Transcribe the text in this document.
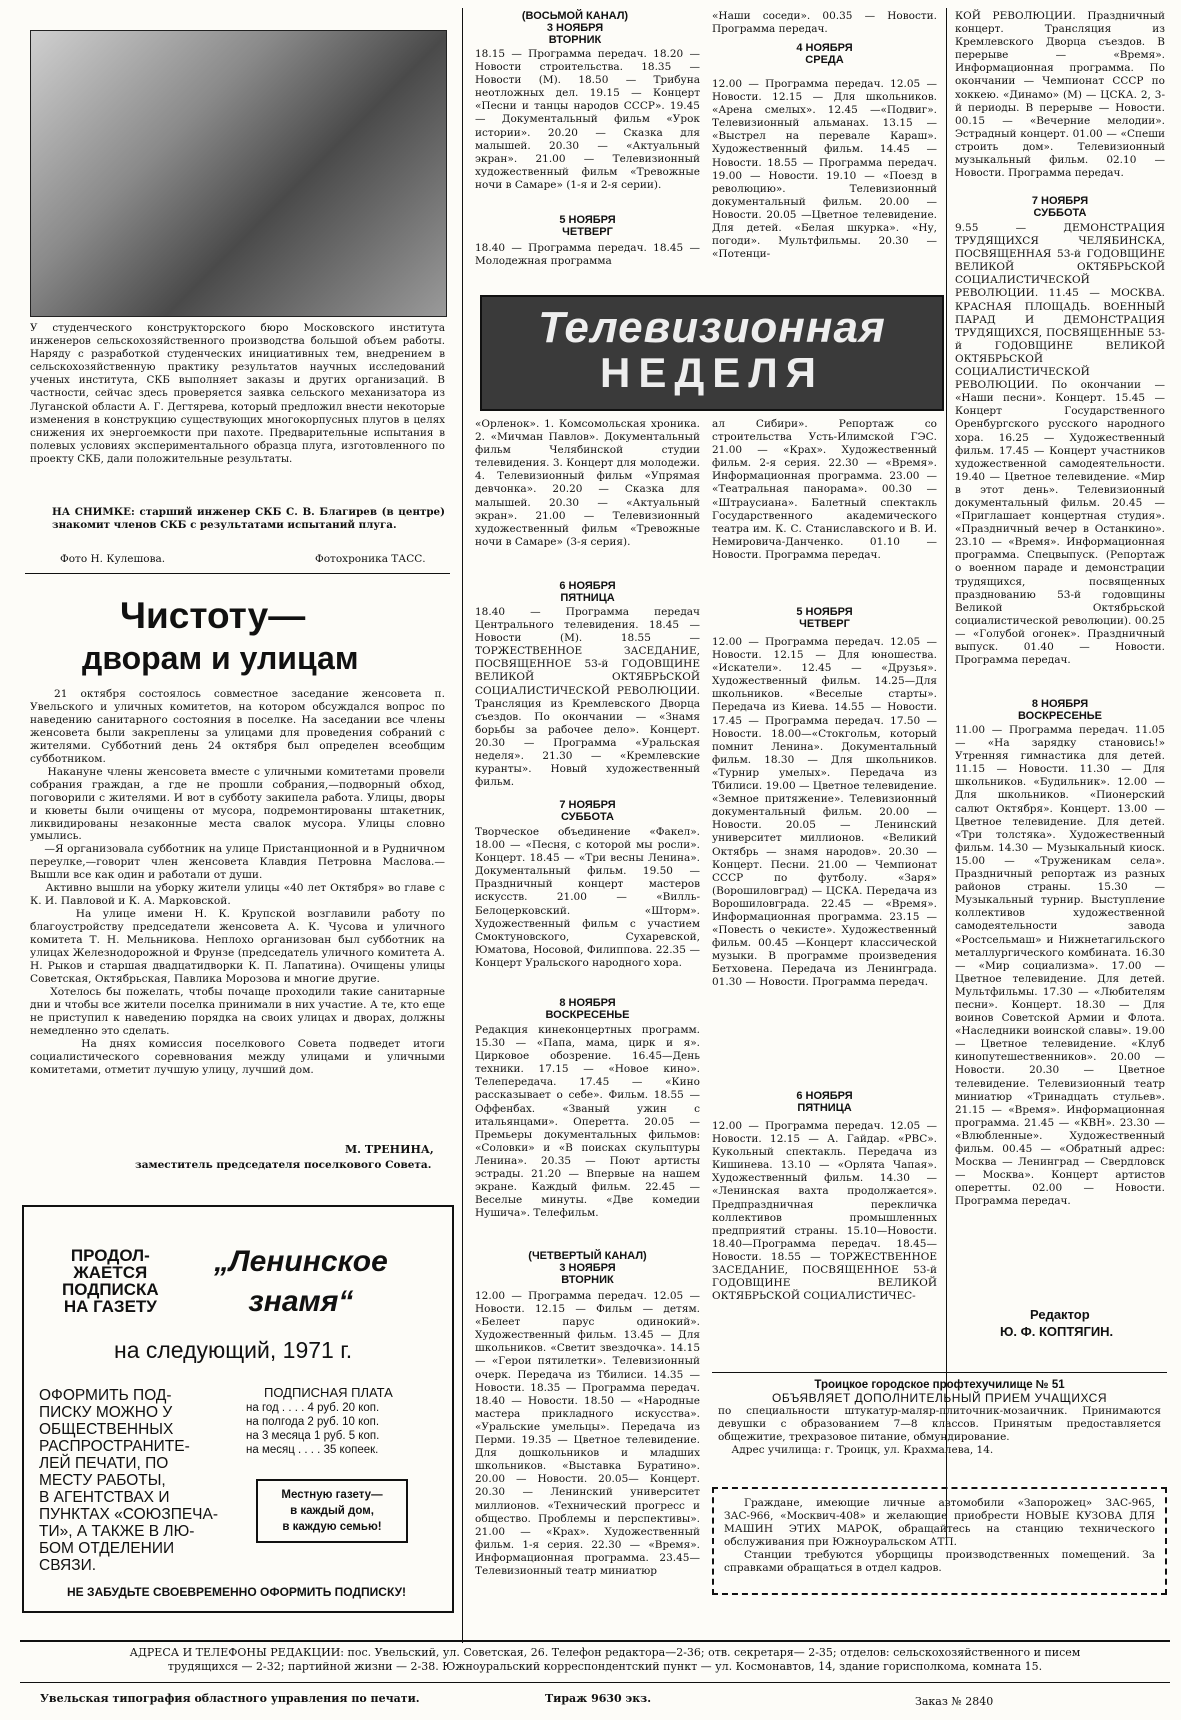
У студенческого конструкторского бюро Московского института инженеров сельскохозяйственного производства большой объем работы. Наряду с разработкой студенческих инициативных тем, внедрением в сельскохозяйственную практику результатов научных исследований ученых института, СКБ выполняет заказы и других организаций. В частности, сейчас здесь проверяется заявка сельского механизатора из Луганской области А. Г. Дегтярева, который предложил внести некоторые изменения в конструкцию существующих многокорпусных плугов в целях снижения их энергоемкости при пахоте. Предварительные испытания в полевых условиях экспериментального образца плуга, изготовленного по проекту СКБ, дали положительные результаты.
НА СНИМКЕ: старший инженер СКБ С. В. Благирев (в центре) знакомит членов СКБ с результатами испытаний плуга.
Фото Н. Кулешова.	Фотохроника ТАСС.
Чистоту—
дворам и улицам
21 октября состоялось совместное заседание женсовета п. Увельского и уличных комитетов, на котором обсуждался вопрос по наведению санитарного состояния в поселке. На заседании все члены женсовета были закреплены за улицами для проведения собраний с жителями. Субботний день 24 октября был определен всеобщим субботником.
Накануне члены женсовета вместе с уличными комитетами провели собрания граждан, а где не прошли собрания,—подворный обход, поговорили с жителями. И вот в субботу закипела работа. Улицы, дворы и кюветы были очищены от мусора, подремонтированы штакетник, ликвидированы незаконные места свалок мусора. Улицы словно умылись.
—Я организовала субботник на улице Пристанционной и в Рудничном переулке,—говорит член женсовета Клавдия Петровна Маслова.—Вышли все как один и работали от души.
Активно вышли на уборку жители улицы «40 лет Октября» во главе с К. И. Павловой и К. А. Марковской.
На улице имени Н. К. Крупской возглавили работу по благоустройству председатели женсовета А. К. Чусова и уличного комитета Т. Н. Мельникова. Неплохо организован был субботник на улицах Железнодорожной и Фрунзе (председатель уличного комитета А. Н. Рыков и старшая двадцатидворки К. П. Лапатина). Очищены улицы Советская, Октябрьская, Павлика Морозова и многие другие.
Хотелось бы пожелать, чтобы почаще проходили такие санитарные дни и чтобы все жители поселка принимали в них участие. А те, кто еще не приступил к наведению порядка на своих улицах и дворах, должны немедленно это сделать.
На днях комиссия поселкового Совета подведет итоги социалистического соревнования между улицами и уличными комитетами, отметит лучшую улицу, лучший дом.
М. ТРЕНИНА,
заместитель председателя поселкового Совета.
ПРОДОЛ-
ЖАЕТСЯ
ПОДПИСКА
НА ГАЗЕТУ
„Ленинское
знамя“
на следующий, 1971 г.
ОФОРМИТЬ ПОД-
ПИСКУ МОЖНО У
ОБЩЕСТВЕННЫХ
РАСПРОСТРАНИТЕ-
ЛЕЙ ПЕЧАТИ, ПО
МЕСТУ РАБОТЫ,
В АГЕНТСТВАХ И ПУНКТАХ «СОЮЗПЕЧА-
ТИ», А ТАКЖЕ В ЛЮ-
БОМ ОТДЕЛЕНИИ
СВЯЗИ.
ПОДПИСНАЯ ПЛАТА
на год . . . . 4 руб. 20 коп.
на полгода 2 руб. 10 коп.
на 3 месяца 1 руб. 5 коп.
на месяц . . . . 35 копеек.
Местную газету—
в каждый дом,
в каждую семью!
НЕ ЗАБУДЬТЕ СВОЕВРЕМЕННО ОФОРМИТЬ ПОДПИСКУ!
(ВОСЬМОЙ КАНАЛ)
3 НОЯБРЯ
ВТОРНИК
18.15 — Программа передач. 18.20 — Новости строительства. 18.35 — Новости (М). 18.50 — Трибуна неотложных дел. 19.15 — Концерт «Песни и танцы народов СССР». 19.45 — Документальный фильм «Урок истории». 20.20 — Сказка для малышей. 20.30 — «Актуальный экран». 21.00 — Телевизионный художественный фильм «Тревожные ночи в Самаре» (1-я и 2-я серии).
5 НОЯБРЯ
ЧЕТВЕРГ
18.40 — Программа передач. 18.45 — Молодежная программа
«Наши соседи». 00.35 — Новости. Программа передач.
4 НОЯБРЯ
СРЕДА
12.00 — Программа передач. 12.05 — Новости. 12.15 — Для школьников. «Арена смелых». 12.45 —«Подвиг». Телевизионный альманах. 13.15 — «Выстрел на перевале Караш». Художественный фильм. 14.45 — Новости. 18.55 — Программа передач. 19.00 — Новости. 19.10 — «Поезд в революцию». Телевизионный документальный фильм. 20.00 — Новости. 20.05 —Цветное телевидение. Для детей. «Белая шкурка». «Ну, погоди». Мультфильмы. 20.30 — «Потенци-
Телевизионная
НЕДЕЛЯ
«Орленок». 1. Комсомольская хроника. 2. «Мичман Павлов». Документальный фильм Челябинской студии телевидения. 3. Концерт для молодежи. 4. Телевизионный фильм «Упрямая девчонка». 20.20 — Сказка для малышей. 20.30 — «Актуальный экран». 21.00 — Телевизионный художественный фильм «Тревожные ночи в Самаре» (3-я серия).
6 НОЯБРЯ
ПЯТНИЦА
18.40 — Программа передач Центрального телевидения. 18.45 —Новости (М). 18.55 — ТОРЖЕСТВЕННОЕ ЗАСЕДАНИЕ, ПОСВЯЩЕННОЕ 53-й ГОДОВЩИНЕ ВЕЛИКОЙ ОКТЯБРЬСКОЙ СОЦИАЛИСТИЧЕСКОЙ РЕВОЛЮЦИИ. Трансляция из Кремлевского Дворца съездов. По окончании — «Знамя борьбы за рабочее дело». Концерт. 20.30 — Программа «Уральская неделя». 21.30 — «Кремлевские куранты». Новый художественный фильм.
7 НОЯБРЯ
СУББОТА
Творческое объединение «Факел». 18.00 — «Песня, с которой мы росли». Концерт. 18.45 — «Три весны Ленина». Документальный фильм. 19.50 — Праздничный концерт мастеров искусств. 21.00 — «Вилль-Белоцерковский. «Шторм». Художественный фильм с участием Смоктуновского, Сухаревской, Юматова, Носовой, Филиппова. 22.35 — Концерт Уральского народного хора.
8 НОЯБРЯ
ВОСКРЕСЕНЬЕ
Редакция кинеконцертных программ. 15.30 — «Папа, мама, цирк и я». Цирковое обозрение. 16.45—День техники. 17.15 — «Новое кино». Телепередача. 17.45 — «Кино рассказывает о себе». Фильм. 18.55 — Оффенбах. «Званый ужин с итальянцами». Оперетта. 20.05 — Премьеры документальных фильмов: «Соловки» и «В поисках скульптуры Ленина». 20.35 — Поют артисты эстрады. 21.20 — Впервые на нашем экране. Каждый фильм. 22.45 — Веселые минуты. «Две комедии Нушича». Телефильм.
(ЧЕТВЕРТЫЙ КАНАЛ)
3 НОЯБРЯ
ВТОРНИК
12.00 — Программа передач. 12.05 — Новости. 12.15 — Фильм — детям. «Белеет парус одинокий». Художественный фильм. 13.45 — Для школьников. «Светит звездочка». 14.15 — «Герои пятилетки». Телевизионный очерк. Передача из Тбилиси. 14.35 — Новости. 18.35 — Программа передач. 18.40 — Новости. 18.50 — «Народные мастера прикладного искусства». «Уральские умельцы». Передача из Перми. 19.35 — Цветное телевидение. Для дошкольников и младших школьников. «Выставка Буратино». 20.00 — Новости. 20.05— Концерт. 20.30 — Ленинский университет миллионов. «Технический прогресс и общество. Проблемы и перспективы». 21.00 — «Крах». Художественный фильм. 1-я серия. 22.30 — «Время». Информационная программа. 23.45— Телевизионный театр миниатюр
ал Сибири». Репортаж со строительства Усть-Илимской ГЭС. 21.00 — «Крах». Художественный фильм. 2-я серия. 22.30 — «Время». Информационная программа. 23.00 — «Театральная панорама». 00.30 — «Штраусиана». Балетный спектакль Государственного академического театра им. К. С. Станиславского и В. И. Немировича-Данченко. 01.10 — Новости. Программа передач.
5 НОЯБРЯ
ЧЕТВЕРГ
12.00 — Программа передач. 12.05 — Новости. 12.15 — Для юношества. «Искатели». 12.45 — «Друзья». Художественный фильм. 14.25—Для школьников. «Веселые старты». Передача из Киева. 14.55 — Новости. 17.45 — Программа передач. 17.50 — Новости. 18.00—«Стокгольм, который помнит Ленина». Документальный фильм. 18.30 — Для школьников. «Турнир умелых». Передача из Тбилиси. 19.00 — Цветное телевидение. «Земное притяжение». Телевизионный документальный фильм. 20.00 — Новости. 20.05 — Ленинский университет миллионов. «Великий Октябрь — знамя народов». 20.30 — Концерт. Песни. 21.00 — Чемпионат СССР по футболу. «Заря» (Ворошиловград) — ЦСКА. Передача из Ворошиловграда. 22.45 — «Время». Информационная программа. 23.15 — «Повесть о чекисте». Художественный фильм. 00.45 —Концерт классической музыки. В программе произведения Бетховена. Передача из Ленинграда. 01.30 — Новости. Программа передач.
6 НОЯБРЯ
ПЯТНИЦА
12.00 — Программа передач. 12.05 — Новости. 12.15 — А. Гайдар. «РВС». Кукольный спектакль. Передача из Кишинева. 13.10 — «Орлята Чапая». Художественный фильм. 14.30 — «Ленинская вахта продолжается». Предпраздничная перекличка коллективов промышленных предприятий страны. 15.10—Новости. 18.40—Программа передач. 18.45—Новости. 18.55 — ТОРЖЕСТВЕННОЕ ЗАСЕДАНИЕ, ПОСВЯЩЕННОЕ 53-й ГОДОВЩИНЕ ВЕЛИКОЙ ОКТЯБРЬСКОЙ СОЦИАЛИСТИЧЕС-
КОЙ РЕВОЛЮЦИИ. Праздничный концерт. Трансляция из Кремлевского Дворца съездов. В перерыве — «Время». Информационная программа. По окончании — Чемпионат СССР по хоккею. «Динамо» (М) — ЦСКА. 2, 3-й периоды. В перерыве — Новости. 00.15 — «Вечерние мелодии». Эстрадный концерт. 01.00 — «Спеши строить дом». Телевизионный музыкальный фильм. 02.10 — Новости. Программа передач.
7 НОЯБРЯ
СУББОТА
9.55 — ДЕМОНСТРАЦИЯ ТРУДЯЩИХСЯ ЧЕЛЯБИНСКА, ПОСВЯЩЕННАЯ 53-й ГОДОВЩИНЕ ВЕЛИКОЙ ОКТЯБРЬСКОЙ СОЦИАЛИСТИЧЕСКОЙ РЕВОЛЮЦИИ. 11.45 — МОСКВА. КРАСНАЯ ПЛОЩАДЬ. ВОЕННЫЙ ПАРАД И ДЕМОНСТРАЦИЯ ТРУДЯЩИХСЯ, ПОСВЯЩЕННЫЕ 53-й ГОДОВЩИНЕ ВЕЛИКОЙ ОКТЯБРЬСКОЙ СОЦИАЛИСТИЧЕСКОЙ РЕВОЛЮЦИИ. По окончании — «Наши песни». Концерт. 15.45 — Концерт Государственного Оренбургского русского народного хора. 16.25 — Художественный фильм. 17.45 — Концерт участников художественной самодеятельности. 19.40 — Цветное телевидение. «Мир в этот день». Телевизионный документальный фильм. 20.45 — «Приглашает концертная студия». «Праздничный вечер в Останкино». 23.10 — «Время». Информационная программа. Спецвыпуск. (Репортаж о военном параде и демонстрации трудящихся, посвященных празднованию 53-й годовщины Великой Октябрьской социалистической революции). 00.25 — «Голубой огонек». Праздничный выпуск. 01.40 — Новости. Программа передач.
8 НОЯБРЯ
ВОСКРЕСЕНЬЕ
11.00 — Программа передач. 11.05 — «На зарядку становись!» Утренняя гимнастика для детей. 11.15 — Новости. 11.30 — Для школьников. «Будильник». 12.00 — Для школьников. «Пионерский салют Октября». Концерт. 13.00 — Цветное телевидение. Для детей. «Три толстяка». Художественный фильм. 14.30 — Музыкальный киоск. 15.00 — «Труженикам села». Праздничный репортаж из разных районов страны. 15.30 — Музыкальный турнир. Выступление коллективов художественной самодеятельности завода «Ростсельмаш» и Нижнетагильского металлургического комбината. 16.30 — «Мир социализма». 17.00 — Цветное телевидение. Для детей. Мультфильмы. 17.30 — «Любителям песни». Концерт. 18.30 — Для воинов Советской Армии и Флота. «Наследники воинской славы». 19.00 — Цветное телевидение. «Клуб кинопутешественников». 20.00 — Новости. 20.30 — Цветное телевидение. Телевизионный театр миниатюр «Тринадцать стульев». 21.15 — «Время». Информационная программа. 21.45 — «КВН». 23.30 — «Влюбленные». Художественный фильм. 00.45 — «Обратный адрес: Москва — Ленинград — Свердловск — Москва». Концерт артистов оперетты. 02.00 — Новости. Программа передач.
Редактор
Ю. Ф. КОПТЯГИН.
Троицкое городское профтехучилище № 51
ОБЪЯВЛЯЕТ ДОПОЛНИТЕЛЬНЫЙ ПРИЕМ УЧАЩИХСЯ
по специальности штукатур-маляр-плиточник-мозаичник. Принимаются девушки с образованием 7—8 классов. Принятым предоставляется общежитие, трехразовое питание, обмундирование.
Адрес училища: г. Троицк, ул. Крахмалева, 14.
Граждане, имеющие личные автомобили «Запорожец» ЗАС-965, ЗАС-966, «Москвич-408» и желающие приобрести НОВЫЕ КУЗОВА ДЛЯ МАШИН ЭТИХ МАРОК, обращайтесь на станцию технического обслуживания при Южноуральском АТП.
Станции требуются уборщицы производственных помещений. За справками обращаться в отдел кадров.
АДРЕСА И ТЕЛЕФОНЫ РЕДАКЦИИ: пос. Увельский, ул. Советская, 26. Телефон редактора—2-36; отв. секретаря— 2-35; отделов: сельскохозяйственного и писем трудящихся — 2-32; партийной жизни — 2-38. Южноуральский корреспондентский пункт — ул. Космонавтов, 14, здание горисполкома, комната 15.
Увельская типография областного управления по печати.	Тираж 9630 экз.	Заказ № 2840
